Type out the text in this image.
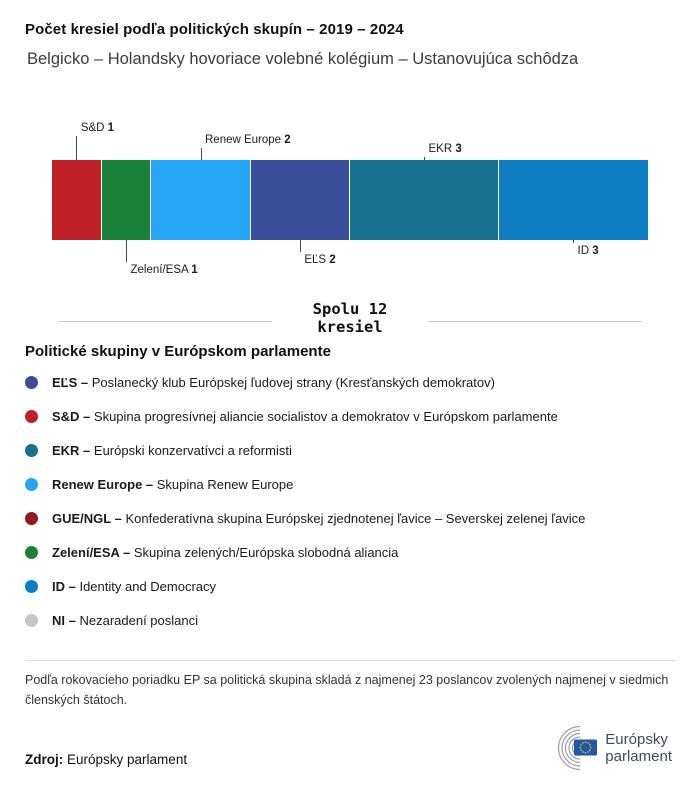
Počet kresiel podľa politických skupín – 2019 – 2024
Belgicko – Holandsky hovoriace volebné kolégium – Ustanovujúca schôdza
S&D 1
Zelení/ESA 1
Renew Europe 2
EĽS 2
EKR 3
ID 3
Spolu 12
kresiel
Politické skupiny v Európskom parlamente
EĽS – Poslanecký klub Európskej ľudovej strany (Kresťanských demokratov)
S&D – Skupina progresívnej aliancie socialistov a demokratov v Európskom parlamente
EKR – Európski konzervatívci a reformisti
Renew Europe – Skupina Renew Europe
GUE/NGL – Konfederatívna skupina Európskej zjednotenej ľavice – Severskej zelenej ľavice
Zelení/ESA – Skupina zelených/Európska slobodná aliancia
ID – Identity and Democracy
NI – Nezaradení poslanci
Podľa rokovacieho poriadku EP sa politická skupina skladá z najmenej 23 poslancov zvolených najmenej v siedmich členských štátoch.
Zdroj: Európsky parlament
Európsky
parlament
